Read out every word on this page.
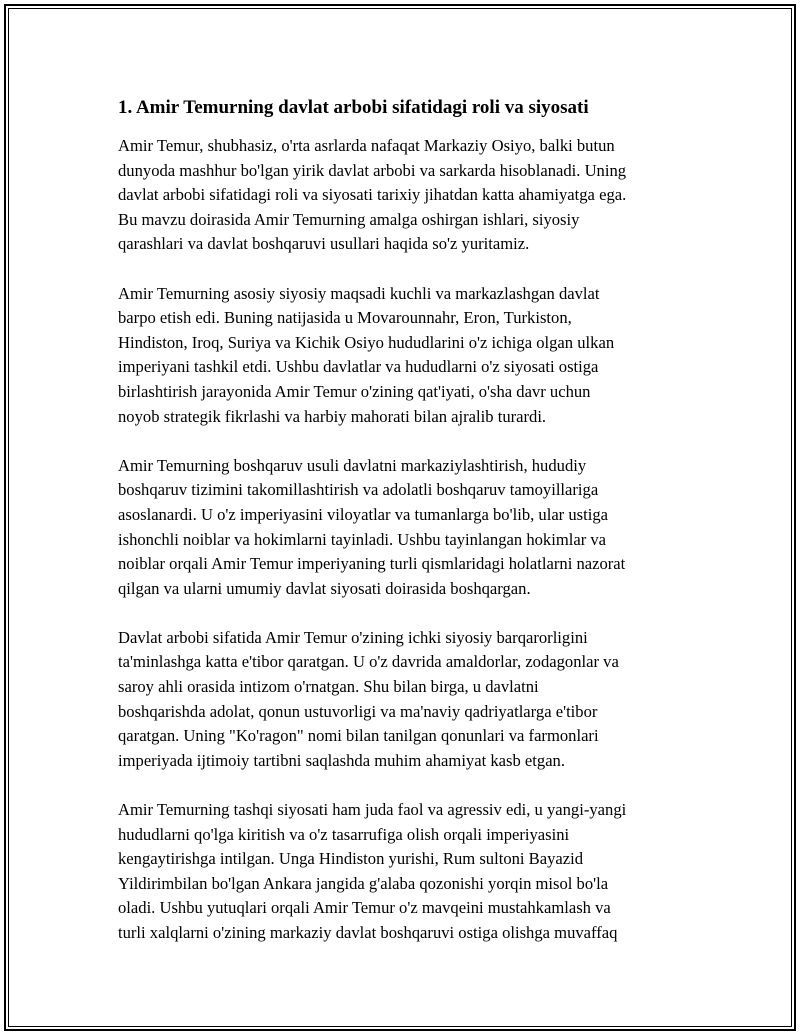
1. Amir Temurning davlat arbobi sifatidagi roli va siyosati

Amir Temur, shubhasiz, o'rta asrlarda nafaqat Markaziy Osiyo, balki butun
dunyoda mashhur bo'lgan yirik davlat arbobi va sarkarda hisoblanadi. Uning
davlat arbobi sifatidagi roli va siyosati tarixiy jihatdan katta ahamiyatga ega.
Bu mavzu doirasida Amir Temurning amalga oshirgan ishlari, siyosiy
qarashlari va davlat boshqaruvi usullari haqida so'z yuritamiz.

Amir Temurning asosiy siyosiy maqsadi kuchli va markazlashgan davlat
barpo etish edi. Buning natijasida u Movarounnahr, Eron, Turkiston,
Hindiston, Iroq, Suriya va Kichik Osiyo hududlarini o'z ichiga olgan ulkan
imperiyani tashkil etdi. Ushbu davlatlar va hududlarni o'z siyosati ostiga
birlashtirish jarayonida Amir Temur o'zining qat'iyati, o'sha davr uchun
noyob strategik fikrlashi va harbiy mahorati bilan ajralib turardi.

Amir Temurning boshqaruv usuli davlatni markaziylashtirish, hududiy
boshqaruv tizimini takomillashtirish va adolatli boshqaruv tamoyillariga
asoslanardi. U o'z imperiyasini viloyatlar va tumanlarga bo'lib, ular ustiga
ishonchli noiblar va hokimlarni tayinladi. Ushbu tayinlangan hokimlar va
noiblar orqali Amir Temur imperiyaning turli qismlaridagi holatlarni nazorat
qilgan va ularni umumiy davlat siyosati doirasida boshqargan.

Davlat arbobi sifatida Amir Temur o'zining ichki siyosiy barqarorligini
ta'minlashga katta e'tibor qaratgan. U o'z davrida amaldorlar, zodagonlar va
saroy ahli orasida intizom o'rnatgan. Shu bilan birga, u davlatni
boshqarishda adolat, qonun ustuvorligi va ma'naviy qadriyatlarga e'tibor
qaratgan. Uning "Ko'ragon" nomi bilan tanilgan qonunlari va farmonlari
imperiyada ijtimoiy tartibni saqlashda muhim ahamiyat kasb etgan.

Amir Temurning tashqi siyosati ham juda faol va agressiv edi, u yangi-yangi
hududlarni qo'lga kiritish va o'z tasarrufiga olish orqali imperiyasini
kengaytirishga intilgan. Unga Hindiston yurishi, Rum sultoni Bayazid
Yildirimbilan bo'lgan Ankara jangida g'alaba qozonishi yorqin misol bo'la
oladi. Ushbu yutuqlari orqali Amir Temur o'z mavqeini mustahkamlash va
turli xalqlarni o'zining markaziy davlat boshqaruvi ostiga olishga muvaffaq
